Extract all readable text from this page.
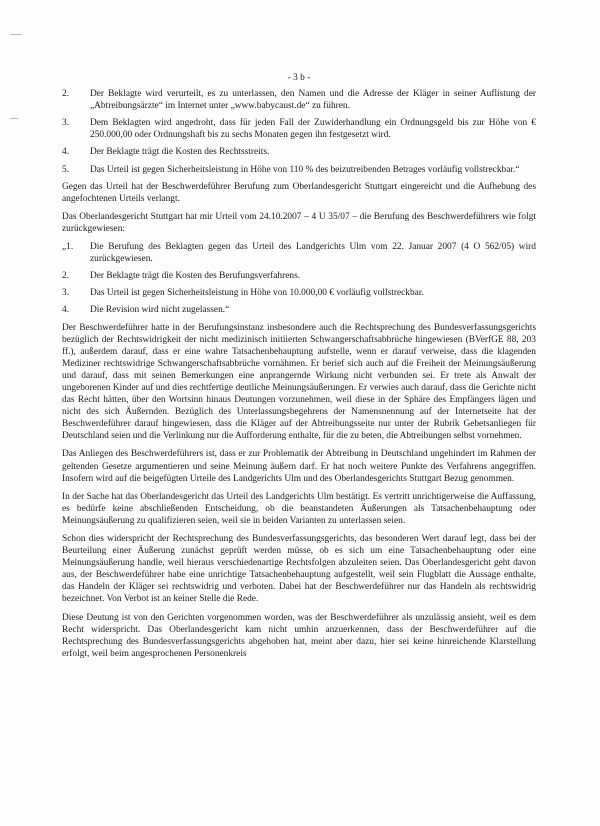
- 3 b -
2.	Der Beklagte wird verurteilt, es zu unterlassen, den Namen und die Adresse der Kläger in seiner Auflistung der „Abtreibungsärzte“ im Internet unter „www.babycaust.de“ zu führen.
3.	Dem Beklagten wird angedroht, dass für jeden Fall der Zuwiderhandlung ein Ordnungsgeld bis zur Höhe von € 250.000,00 oder Ordnungshaft bis zu sechs Monaten gegen ihn festgesetzt wird.
4.	Der Beklagte trägt die Kosten des Rechtsstreits.
5.	Das Urteil ist gegen Sicherheitsleistung in Höhe von 110 % des beizutreibenden Betrages vorläufig vollstreckbar.“

Gegen das Urteil hat der Beschwerdeführer Berufung zum Oberlandesgericht Stuttgart eingereicht und die Aufhebung des angefochtenen Urteils verlangt.

Das Oberlandesgericht Stuttgart hat mir Urteil vom 24.10.2007 – 4 U 35/07 – die Berufung des Beschwerdeführers wie folgt zurückgewiesen:

„1.	Die Berufung des Beklagten gegen das Urteil des Landgerichts Ulm vom 22. Januar 2007 (4 O 562/05) wird zurückgewiesen.
2.	Der Beklagte trägt die Kosten des Berufungsverfahrens.
3.	Das Urteil ist gegen Sicherheitsleistung in Höhe von 10.000,00 € vorläufig vollstreckbar.
4.	Die Revision wird nicht zugelassen.“

Der Beschwerdeführer hatte in der Berufungsinstanz insbesondere auch die Rechtsprechung des Bundesverfassungsgerichts bezüglich der Rechtswidrigkeit der nicht medizinisch initiierten Schwangerschaftsabbrüche hingewiesen (BVerfGE 88, 203 ff.), außerdem darauf, dass er eine wahre Tatsachenbehauptung aufstelle, wenn er darauf verweise, dass die klagenden Mediziner rechtswidrige Schwangerschaftsabbrüche vornähmen. Er berief sich auch auf die Freiheit der Meinungsäußerung und darauf, dass mit seinen Bemerkungen eine anprangernde Wirkung nicht verbunden sei. Er trete als Anwalt der ungeborenen Kinder auf und dies rechtfertige deutliche Meinungsäußerungen. Er verwies auch darauf, dass die Gerichte nicht das Recht hätten, über den Wortsinn hinaus Deutungen vorzunehmen, weil diese in der Sphäre des Empfängers lägen und nicht des sich Äußernden. Bezüglich des Unterlassungsbegehrens der Namensnennung auf der Internetseite hat der Beschwerdeführer darauf hingewiesen, dass die Kläger auf der Abtreibungsseite nur unter der Rubrik Gebetsanliegen für Deutschland seien und die Verlinkung nur die Aufforderung enthalte, für die zu beten, die Abtreibungen selbst vornehmen.

Das Anliegen des Beschwerdeführers ist, dass er zur Problematik der Abtreibung in Deutschland ungehindert im Rahmen der geltenden Gesetze argumentieren und seine Meinung äußern darf. Er hat noch weitere Punkte des Verfahrens angegriffen. Insofern wird auf die beigefügten Urteile des Landgerichts Ulm und des Oberlandesgerichts Stuttgart Bezug genommen.

In der Sache hat das Oberlandesgericht das Urteil des Landgerichts Ulm bestätigt. Es vertritt unrichtigerweise die Auffassung, es bedürfe keine abschließenden Entscheidung, ob die beanstandeten Äußerungen als Tatsachenbehauptung oder Meinungsäußerung zu qualifizieren seien, weil sie in beiden Varianten zu unterlassen seien.

Schon dies widerspricht der Rechtsprechung des Bundesverfassungsgerichts, das besonderen Wert darauf legt, dass bei der Beurteilung einer Äußerung zunächst geprüft werden müsse, ob es sich um eine Tatsachenbehauptung oder eine Meinungsäußerung handle, weil hieraus verschiedenartige Rechtsfolgen abzuleiten seien. Das Oberlandesgericht geht davon aus, der Beschwerdeführer habe eine unrichtige Tatsachenbehauptung aufgestellt, weil sein Flugblatt die Aussage enthalte, das Handeln der Kläger sei rechtswidrig und verboten. Dabei hat der Beschwerdeführer nur das Handeln als rechtswidrig bezeichnet. Von Verbot ist an keiner Stelle die Rede.

Diese Deutung ist von den Gerichten vorgenommen worden, was der Beschwerdeführer als unzulässig ansieht, weil es dem Recht widerspricht. Das Oberlandesgericht kam nicht umhin anzuerkennen, dass der Beschwerdeführer auf die Rechtsprechung des Bundesverfassungsgerichts abgehoben hat, meint aber dazu, hier sei keine hinreichende Klarstellung erfolgt, weil beim angesprochenen Personenkreis
